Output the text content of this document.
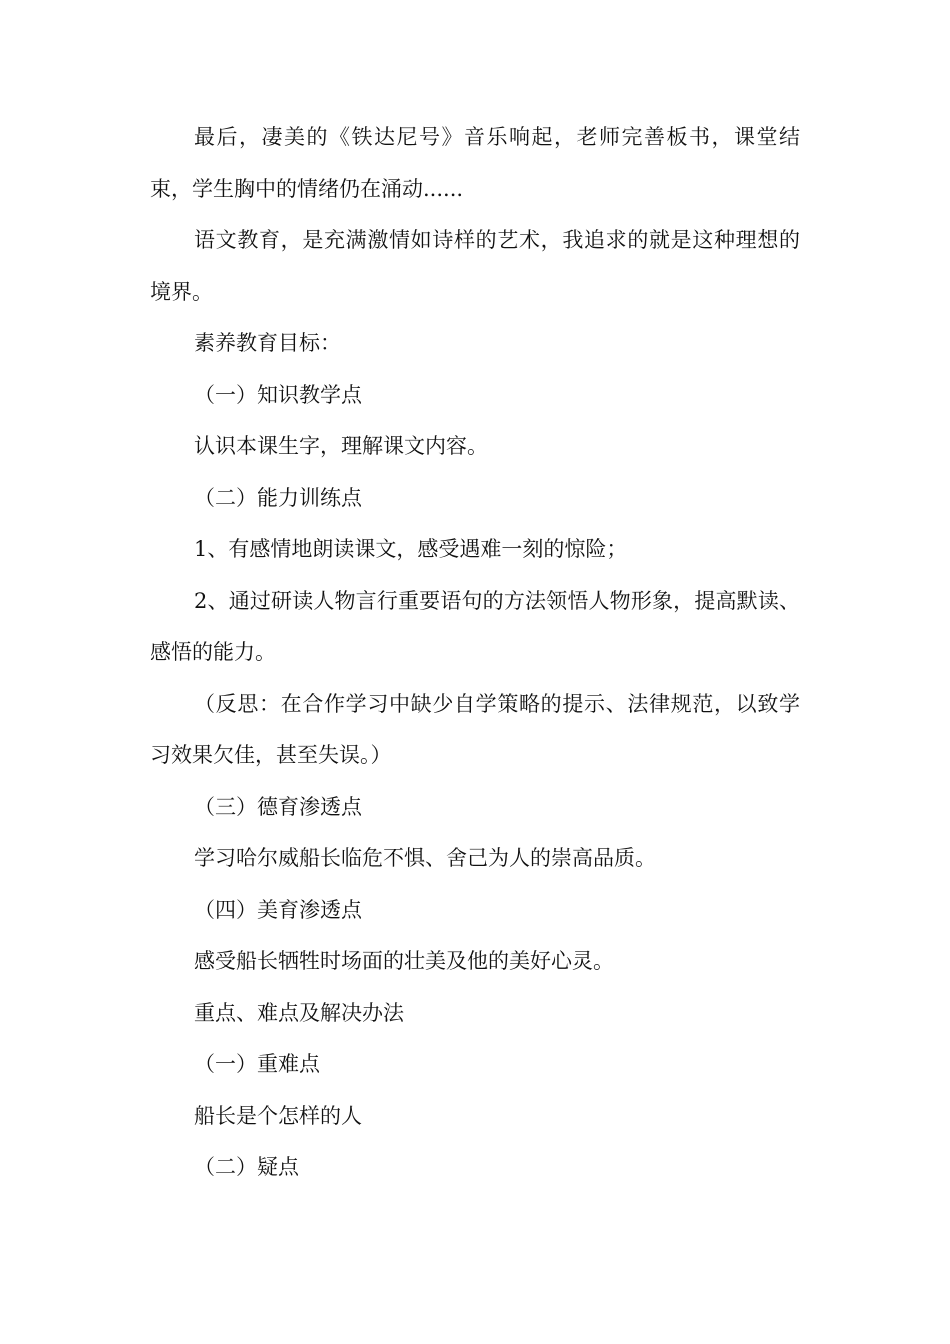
最后，凄美的《铁达尼号》音乐响起，老师完善板书，课堂结束，学生胸中的情绪仍在涌动......

语文教育，是充满激情如诗样的艺术，我追求的就是这种理想的境界。

素养教育目标：

（一）知识教学点

认识本课生字，理解课文内容。

（二）能力训练点

1、有感情地朗读课文，感受遇难一刻的惊险；

2、通过研读人物言行重要语句的方法领悟人物形象，提高默读、感悟的能力。

（反思：在合作学习中缺少自学策略的提示、法律规范，以致学习效果欠佳，甚至失误。）

（三）德育渗透点

学习哈尔威船长临危不惧、舍己为人的崇高品质。

（四）美育渗透点

感受船长牺牲时场面的壮美及他的美好心灵。

重点、难点及解决办法

（一）重难点

船长是个怎样的人

（二）疑点
